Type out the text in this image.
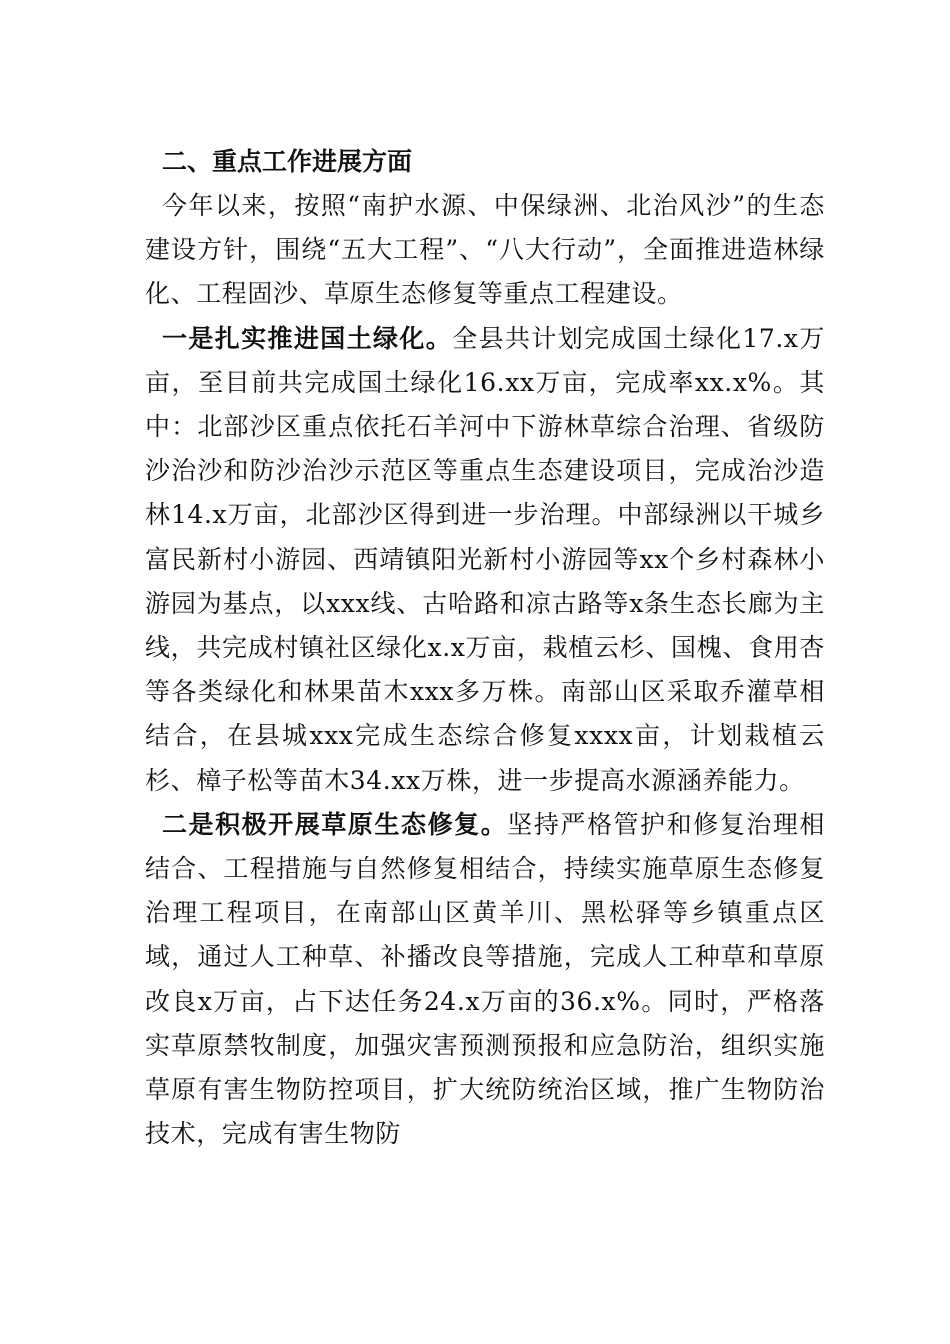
二、重点工作进展方面

今年以来，按照“南护水源、中保绿洲、北治风沙”的生态建设方针，围绕“五大工程”、“八大行动”，全面推进造林绿化、工程固沙、草原生态修复等重点工程建设。

一是扎实推进国土绿化。全县共计划完成国土绿化17.x万亩，至目前共完成国土绿化16.xx万亩，完成率xx.x%。其中：北部沙区重点依托石羊河中下游林草综合治理、省级防沙治沙和防沙治沙示范区等重点生态建设项目，完成治沙造林14.x万亩，北部沙区得到进一步治理。中部绿洲以干城乡富民新村小游园、西靖镇阳光新村小游园等xx个乡村森林小游园为基点，以xxx线、古哈路和凉古路等x条生态长廊为主线，共完成村镇社区绿化x.x万亩，栽植云杉、国槐、食用杏等各类绿化和林果苗木xxx多万株。南部山区采取乔灌草相结合，在县城xxx完成生态综合修复xxxx亩，计划栽植云杉、樟子松等苗木34.xx万株，进一步提高水源涵养能力。

二是积极开展草原生态修复。坚持严格管护和修复治理相结合、工程措施与自然修复相结合，持续实施草原生态修复治理工程项目，在南部山区黄羊川、黑松驿等乡镇重点区域，通过人工种草、补播改良等措施，完成人工种草和草原改良x万亩，占下达任务24.x万亩的36.x%。同时，严格落实草原禁牧制度，加强灾害预测预报和应急防治，组织实施草原有害生物防控项目，扩大统防统治区域，推广生物防治技术，完成有害生物防
